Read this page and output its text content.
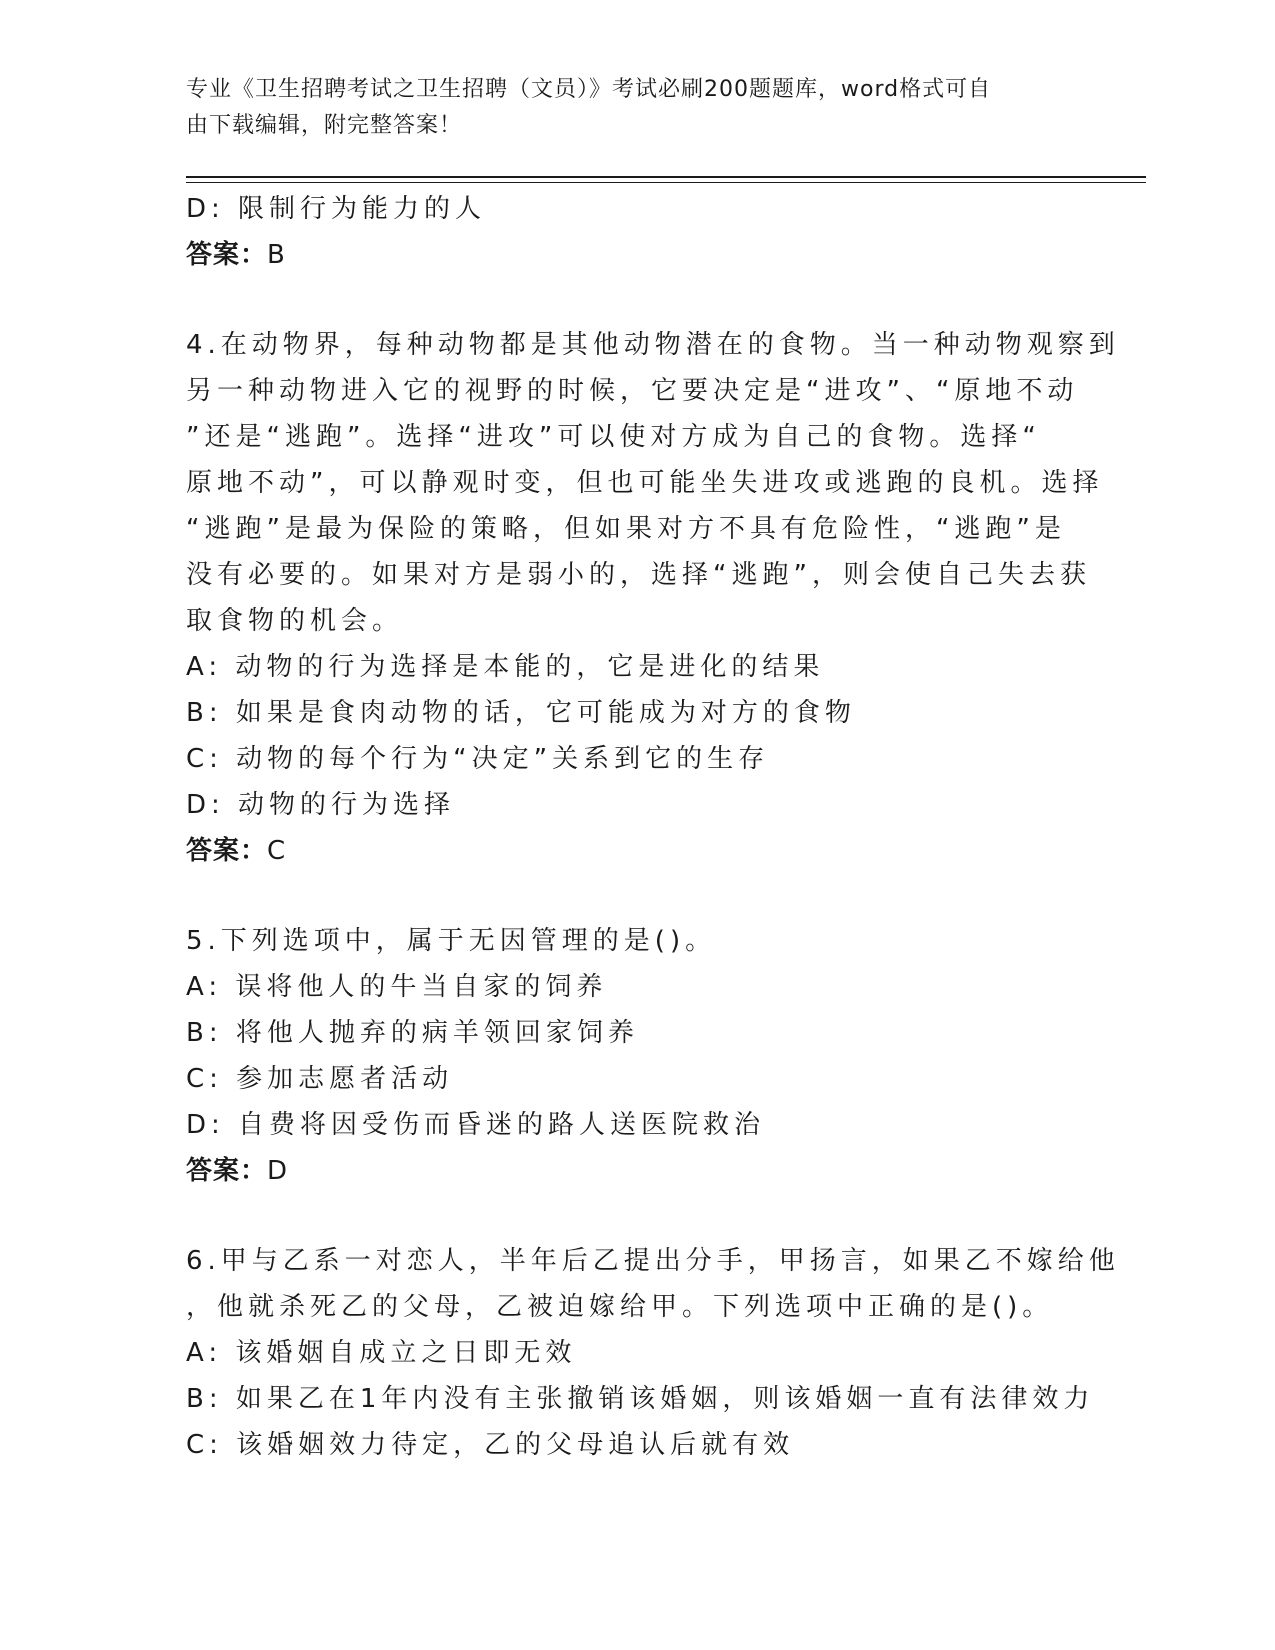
专业《卫生招聘考试之卫生招聘（文员）》考试必刷200题题库，word格式可自
由下载编辑，附完整答案！
D: 限制行为能力的人
答案：B
4.在动物界，每种动物都是其他动物潜在的食物。当一种动物观察到
另一种动物进入它的视野的时候，它要决定是“进攻”、“原地不动
”还是“逃跑”。选择“进攻”可以使对方成为自己的食物。选择“
原地不动”，可以静观时变，但也可能坐失进攻或逃跑的良机。选择
“逃跑”是最为保险的策略，但如果对方不具有危险性，“逃跑”是
没有必要的。如果对方是弱小的，选择“逃跑”，则会使自己失去获
取食物的机会。
A: 动物的行为选择是本能的，它是进化的结果
B: 如果是食肉动物的话，它可能成为对方的食物
C: 动物的每个行为“决定”关系到它的生存
D: 动物的行为选择
答案：C
5.下列选项中，属于无因管理的是()。
A: 误将他人的牛当自家的饲养
B: 将他人抛弃的病羊领回家饲养
C: 参加志愿者活动
D: 自费将因受伤而昏迷的路人送医院救治
答案：D
6.甲与乙系一对恋人，半年后乙提出分手，甲扬言，如果乙不嫁给他
，他就杀死乙的父母，乙被迫嫁给甲。下列选项中正确的是()。
A: 该婚姻自成立之日即无效
B: 如果乙在1年内没有主张撤销该婚姻，则该婚姻一直有法律效力
C: 该婚姻效力待定，乙的父母追认后就有效
